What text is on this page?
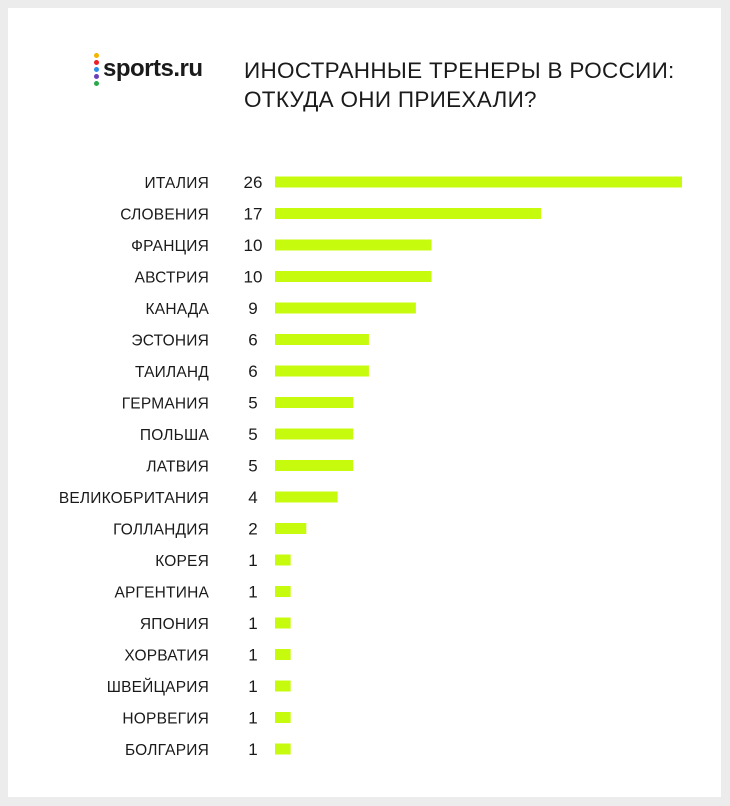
sports.ru ИНОСТРАННЫЕ ТРЕНЕРЫ В РОССИИ:
ОТКУДА ОНИ ПРИЕХАЛИ?
ИТАЛИЯ 26
СЛОВЕНИЯ 17
ФРАНЦИЯ 10
АВСТРИЯ 10
КАНАДА 9
ЭСТОНИЯ 6
ТАИЛАНД 6
ГЕРМАНИЯ 5
ПОЛЬША 5
ЛАТВИЯ 5
ВЕЛИКОБРИТАНИЯ 4
ГОЛЛАНДИЯ 2
КОРЕЯ 1
АРГЕНТИНА 1
ЯПОНИЯ 1
ХОРВАТИЯ 1
ШВЕЙЦАРИЯ 1
НОРВЕГИЯ 1
БОЛГАРИЯ 1
